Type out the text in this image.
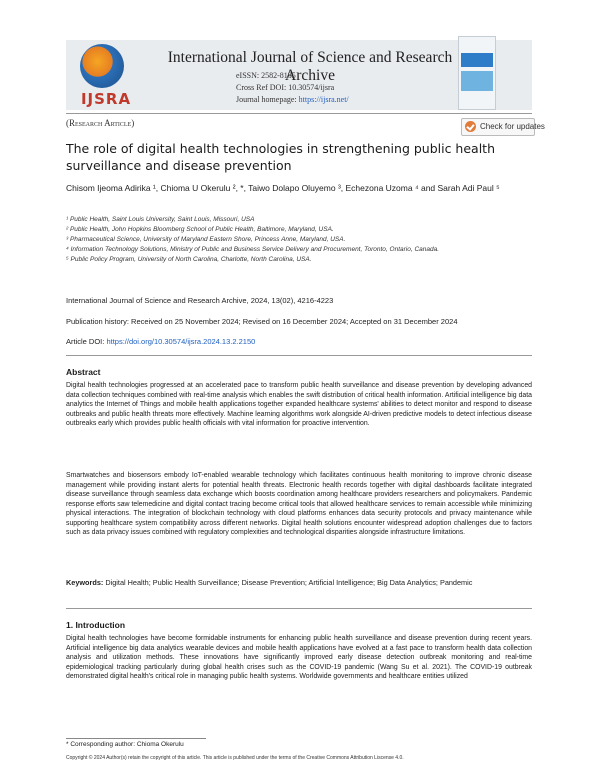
IJSRA
International Journal of Science and Research Archive
eISSN: 2582-8185
Cross Ref DOI: 10.30574/ijsra
Journal homepage: https://ijsra.net/
(Research Article)	Check for updates
The role of digital health technologies in strengthening public health surveillance and disease prevention
Chisom Ijeoma Adirika ¹, Chioma U Okerulu ², *, Taiwo Dolapo Oluyemo ³, Echezona Uzoma ⁴ and Sarah Adi Paul ⁵
¹ Public Health, Saint Louis University, Saint Louis, Missouri, USA
² Public Health, John Hopkins Bloomberg School of Public Health, Baltimore, Maryland, USA.
³ Pharmaceutical Science, University of Maryland Eastern Shore, Princess Anne, Maryland, USA.
⁴ Information Technology Solutions, Ministry of Public and Business Service Delivery and Procurement, Toronto, Ontario, Canada.
⁵ Public Policy Program, University of North Carolina, Charlotte, North Carolina, USA.
International Journal of Science and Research Archive, 2024, 13(02), 4216-4223
Publication history: Received on 25 November 2024; Revised on 16 December 2024; Accepted on 31 December 2024
Article DOI: https://doi.org/10.30574/ijsra.2024.13.2.2150
Abstract
Digital health technologies progressed at an accelerated pace to transform public health surveillance and disease prevention by developing advanced data collection techniques combined with real-time analysis which enables the swift distribution of critical health information. Artificial intelligence big data analytics the Internet of Things and mobile health applications together expanded healthcare systems' abilities to detect monitor and respond to disease outbreaks and public health threats more effectively. Machine learning algorithms work alongside AI-driven predictive models to detect infectious disease outbreaks early which provides public health officials with vital information for proactive intervention.
Smartwatches and biosensors embody IoT-enabled wearable technology which facilitates continuous health monitoring to improve chronic disease management while providing instant alerts for potential health threats. Electronic health records together with digital dashboards facilitate integrated disease surveillance through seamless data exchange which boosts coordination among healthcare providers researchers and policymakers. Pandemic response efforts saw telemedicine and digital contact tracing become critical tools that allowed healthcare services to remain accessible while minimizing physical interactions. The integration of blockchain technology with cloud platforms enhances data security protocols and privacy maintenance while supporting healthcare system compatibility across different networks. Digital health solutions encounter widespread adoption challenges due to factors such as data privacy issues combined with regulatory complexities and technological disparities alongside infrastructure limitations.
Keywords: Digital Health; Public Health Surveillance; Disease Prevention; Artificial Intelligence; Big Data Analytics; Pandemic
1. Introduction
Digital health technologies have become formidable instruments for enhancing public health surveillance and disease prevention during recent years. Artificial intelligence big data analytics wearable devices and mobile health applications have evolved at a fast pace to transform health data collection analysis and utilization methods. These innovations have significantly improved early disease detection outbreak monitoring and real-time epidemiological tracking particularly during global health crises such as the COVID-19 pandemic (Wang Su et al. 2021). The COVID-19 outbreak demonstrated digital health's critical role in managing public health systems. Worldwide governments and healthcare entities utilized
* Corresponding author: Chioma Okerulu
Copyright © 2024 Author(s) retain the copyright of this article. This article is published under the terms of the Creative Commons Attribution Liscense 4.0.
